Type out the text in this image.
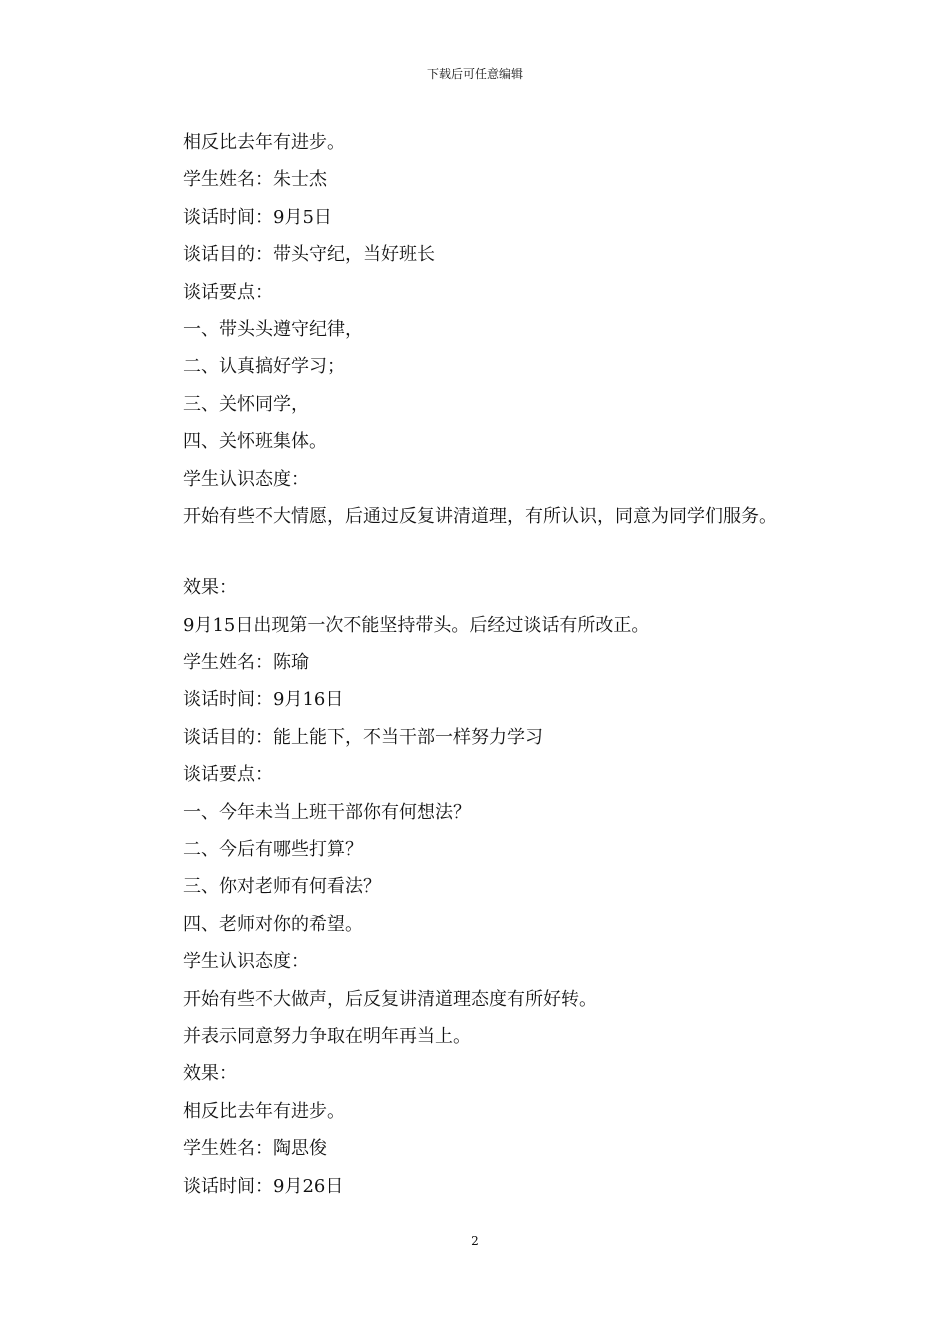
下载后可任意编辑
相反比去年有进步。
学生姓名：朱士杰
谈话时间：9月5日
谈话目的：带头守纪，当好班长
谈话要点：
一、带头头遵守纪律，
二、认真搞好学习；
三、关怀同学，
四、关怀班集体。
学生认识态度：
开始有些不大情愿，后通过反复讲清道理，有所认识，同意为同学们服务。
效果：
9月15日出现第一次不能坚持带头。后经过谈话有所改正。
学生姓名：陈瑜
谈话时间：9月16日
谈话目的：能上能下，不当干部一样努力学习
谈话要点：
一、今年未当上班干部你有何想法？
二、今后有哪些打算？
三、你对老师有何看法？
四、老师对你的希望。
学生认识态度：
开始有些不大做声，后反复讲清道理态度有所好转。
并表示同意努力争取在明年再当上。
效果：
相反比去年有进步。
学生姓名：陶思俊
谈话时间：9月26日
2
